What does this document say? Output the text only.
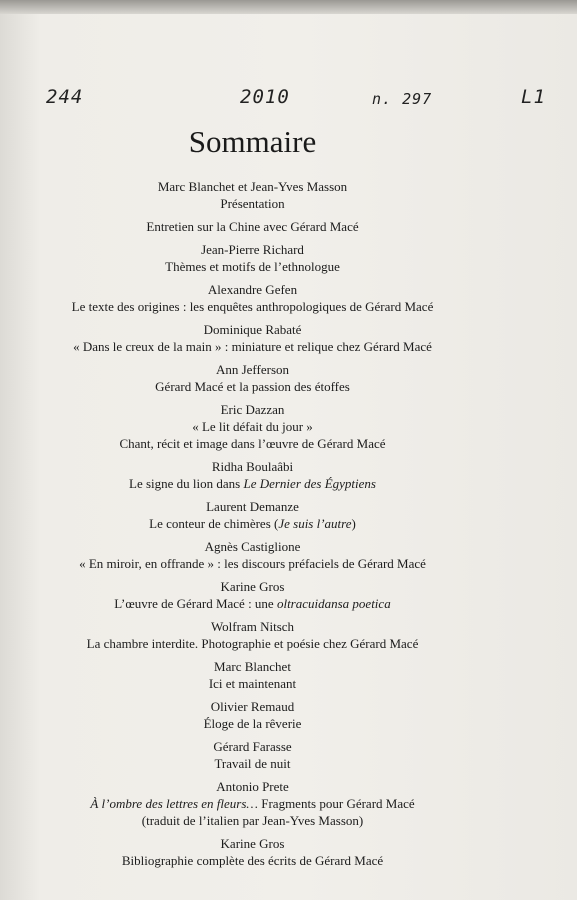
244	2010	n. 297	L1
Sommaire
Marc Blanchet et Jean-Yves Masson
Présentation
Entretien sur la Chine avec Gérard Macé
Jean-Pierre Richard
Thèmes et motifs de l’ethnologue
Alexandre Gefen
Le texte des origines : les enquêtes anthropologiques de Gérard Macé
Dominique Rabaté
« Dans le creux de la main » : miniature et relique chez Gérard Macé
Ann Jefferson
Gérard Macé et la passion des étoffes
Eric Dazzan
« Le lit défait du jour »
Chant, récit et image dans l’œuvre de Gérard Macé
Ridha Boulaâbi
Le signe du lion dans Le Dernier des Égyptiens
Laurent Demanze
Le conteur de chimères (Je suis l’autre)
Agnès Castiglione
« En miroir, en offrande » : les discours préfaciels de Gérard Macé
Karine Gros
L’œuvre de Gérard Macé : une oltracuidansa poetica
Wolfram Nitsch
La chambre interdite. Photographie et poésie chez Gérard Macé
Marc Blanchet
Ici et maintenant
Olivier Remaud
Éloge de la rêverie
Gérard Farasse
Travail de nuit
Antonio Prete
À l’ombre des lettres en fleurs… Fragments pour Gérard Macé
(traduit de l’italien par Jean-Yves Masson)
Karine Gros
Bibliographie complète des écrits de Gérard Macé
